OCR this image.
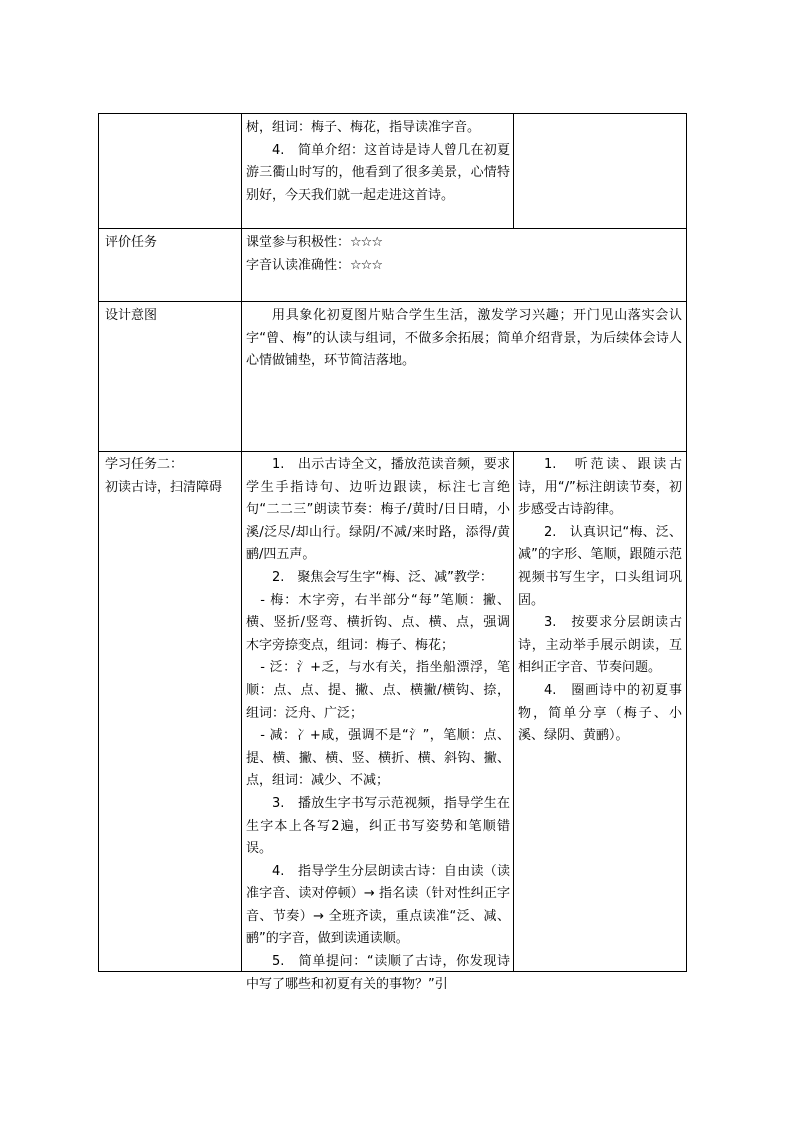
树，组词：梅子、梅花，指导读准字音。

4.　简单介绍：这首诗是诗人曾几在初夏游三衢山时写的，他看到了很多美景，心情特别好，今天我们就一起走进这首诗。

评价任务	课堂参与积极性：☆☆☆
字音认读准确性：☆☆☆
设计意图	用具象化初夏图片贴合学生生活，激发学习兴趣；开门见山落实会认字“曾、梅”的认读与组词，不做多余拓展；简单介绍背景，为后续体会诗人心情做铺垫，环节简洁落地。

学习任务二：
初读古诗，扫清障碍

1.　出示古诗全文，播放范读音频，要求学生手指诗句、边听边跟读，标注七言绝句“二二三”朗读节奏：梅子/黄时/日日晴，小溪/泛尽/却山行。绿阴/不减/来时路，添得/黄鹂/四五声。

2.　聚焦会写生字“梅、泛、减”教学：

- 梅：木字旁，右半部分“每”笔顺：撇、横、竖折/竖弯、横折钩、点、横、点，强调木字旁捺变点，组词：梅子、梅花；

- 泛：氵+乏，与水有关，指坐船漂浮，笔顺：点、点、提、撇、点、横撇/横钩、捺，组词：泛舟、广泛；

- 减：冫+咸，强调不是“氵”，笔顺：点、提、横、撇、横、竖、横折、横、斜钩、撇、点，组词：减少、不减；

3.　播放生字书写示范视频，指导学生在生字本上各写2遍，纠正书写姿势和笔顺错误。

4.　指导学生分层朗读古诗：自由读（读准字音、读对停顿）→ 指名读（针对性纠正字音、节奏）→ 全班齐读，重点读准“泛、减、鹂”的字音，做到读通读顺。

5.　简单提问：“读顺了古诗，你发现诗中写了哪些和初夏有关的事物？”引

1.　听范读、跟读古诗，用“/”标注朗读节奏，初步感受古诗韵律。

2.　认真识记“梅、泛、减”的字形、笔顺，跟随示范视频书写生字，口头组词巩固。

3.　按要求分层朗读古诗，主动举手展示朗读，互相纠正字音、节奏问题。

4.　圈画诗中的初夏事物，简单分享（梅子、小溪、绿阴、黄鹂）。
